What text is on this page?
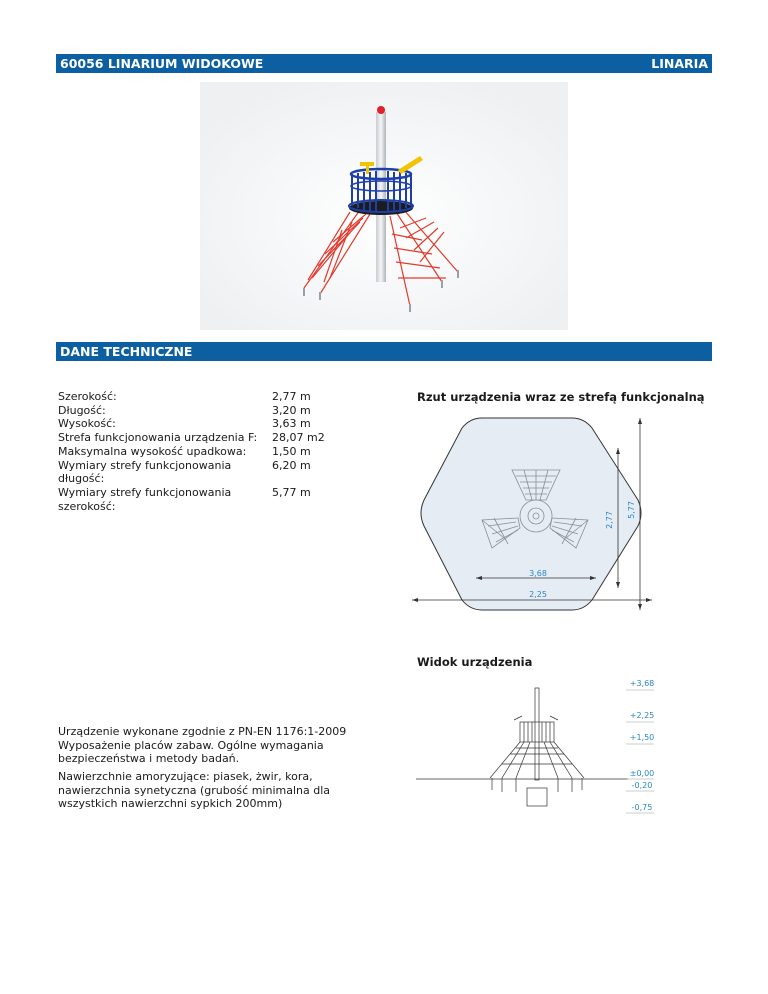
60056 LINARIUM WIDOKOWE	LINARIA
DANE TECHNICZNE
Szerokość:	2,77 m
Długość:	3,20 m
Wysokość:	3,63 m
Strefa funkcjonowania urządzenia F:	28,07 m2
Maksymalna wysokość upadkowa:	1,50 m
Wymiary strefy funkcjonowania długość:
6,20 m
Wymiary strefy funkcjonowania szerokość:
5,77 m
Rzut urządzenia wraz ze strefą funkcjonalną
3,68
2,25
2,77
5,77
Widok urządzenia
+3,68
+2,25
+1,50
±0,00
-0,20
-0,75
Urządzenie wykonane zgodnie z PN-EN 1176:1-2009 Wyposażenie placów zabaw. Ogólne wymagania bezpieczeństwa i metody badań.
Nawierzchnie amoryzujące: piasek, żwir, kora, nawierzchnia synetyczna (grubość minimalna dla wszystkich nawierzchni sypkich 200mm)
